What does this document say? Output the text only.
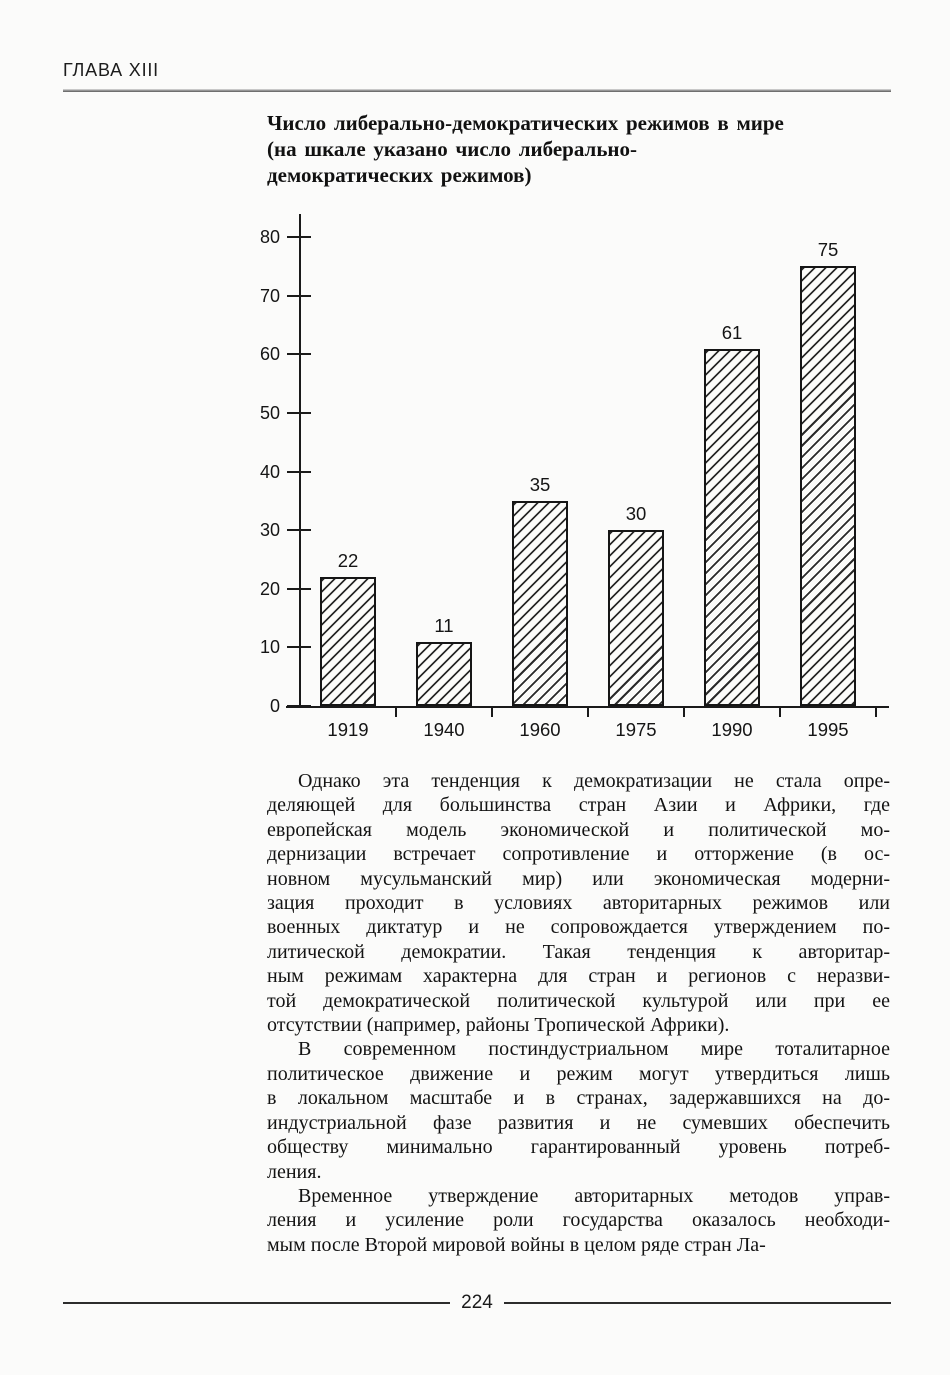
ГЛАВА XIII
Число либерально-демократических режимов в мире
(на шкале указано число либерально-
демократических режимов)
0
10
20
30
40
50
60
70
80
22
1919
11
1940
35
1960
30
1975
61
1990
75
1995
Однако эта тенденция к демократизации не стала опре-
деляющей для большинства стран Азии и Африки, где
европейская модель экономической и политической мо-
дернизации встречает сопротивление и отторжение (в ос-
новном мусульманский мир) или экономическая модерни-
зация проходит в условиях авторитарных режимов или
военных диктатур и не сопровождается утверждением по-
литической демократии. Такая тенденция к авторитар-
ным режимам характерна для стран и регионов с неразви-
той демократической политической культурой или при ее
отсутствии (например, районы Тропической Африки).
В современном постиндустриальном мире тоталитарное
политическое движение и режим могут утвердиться лишь
в локальном масштабе и в странах, задержавшихся на до-
индустриальной фазе развития и не сумевших обеспечить
обществу минимально гарантированный уровень потреб-
ления.
Временное утверждение авторитарных методов управ-
ления и усиление роли государства оказалось необходи-
мым после Второй мировой войны в целом ряде стран Ла-
224
